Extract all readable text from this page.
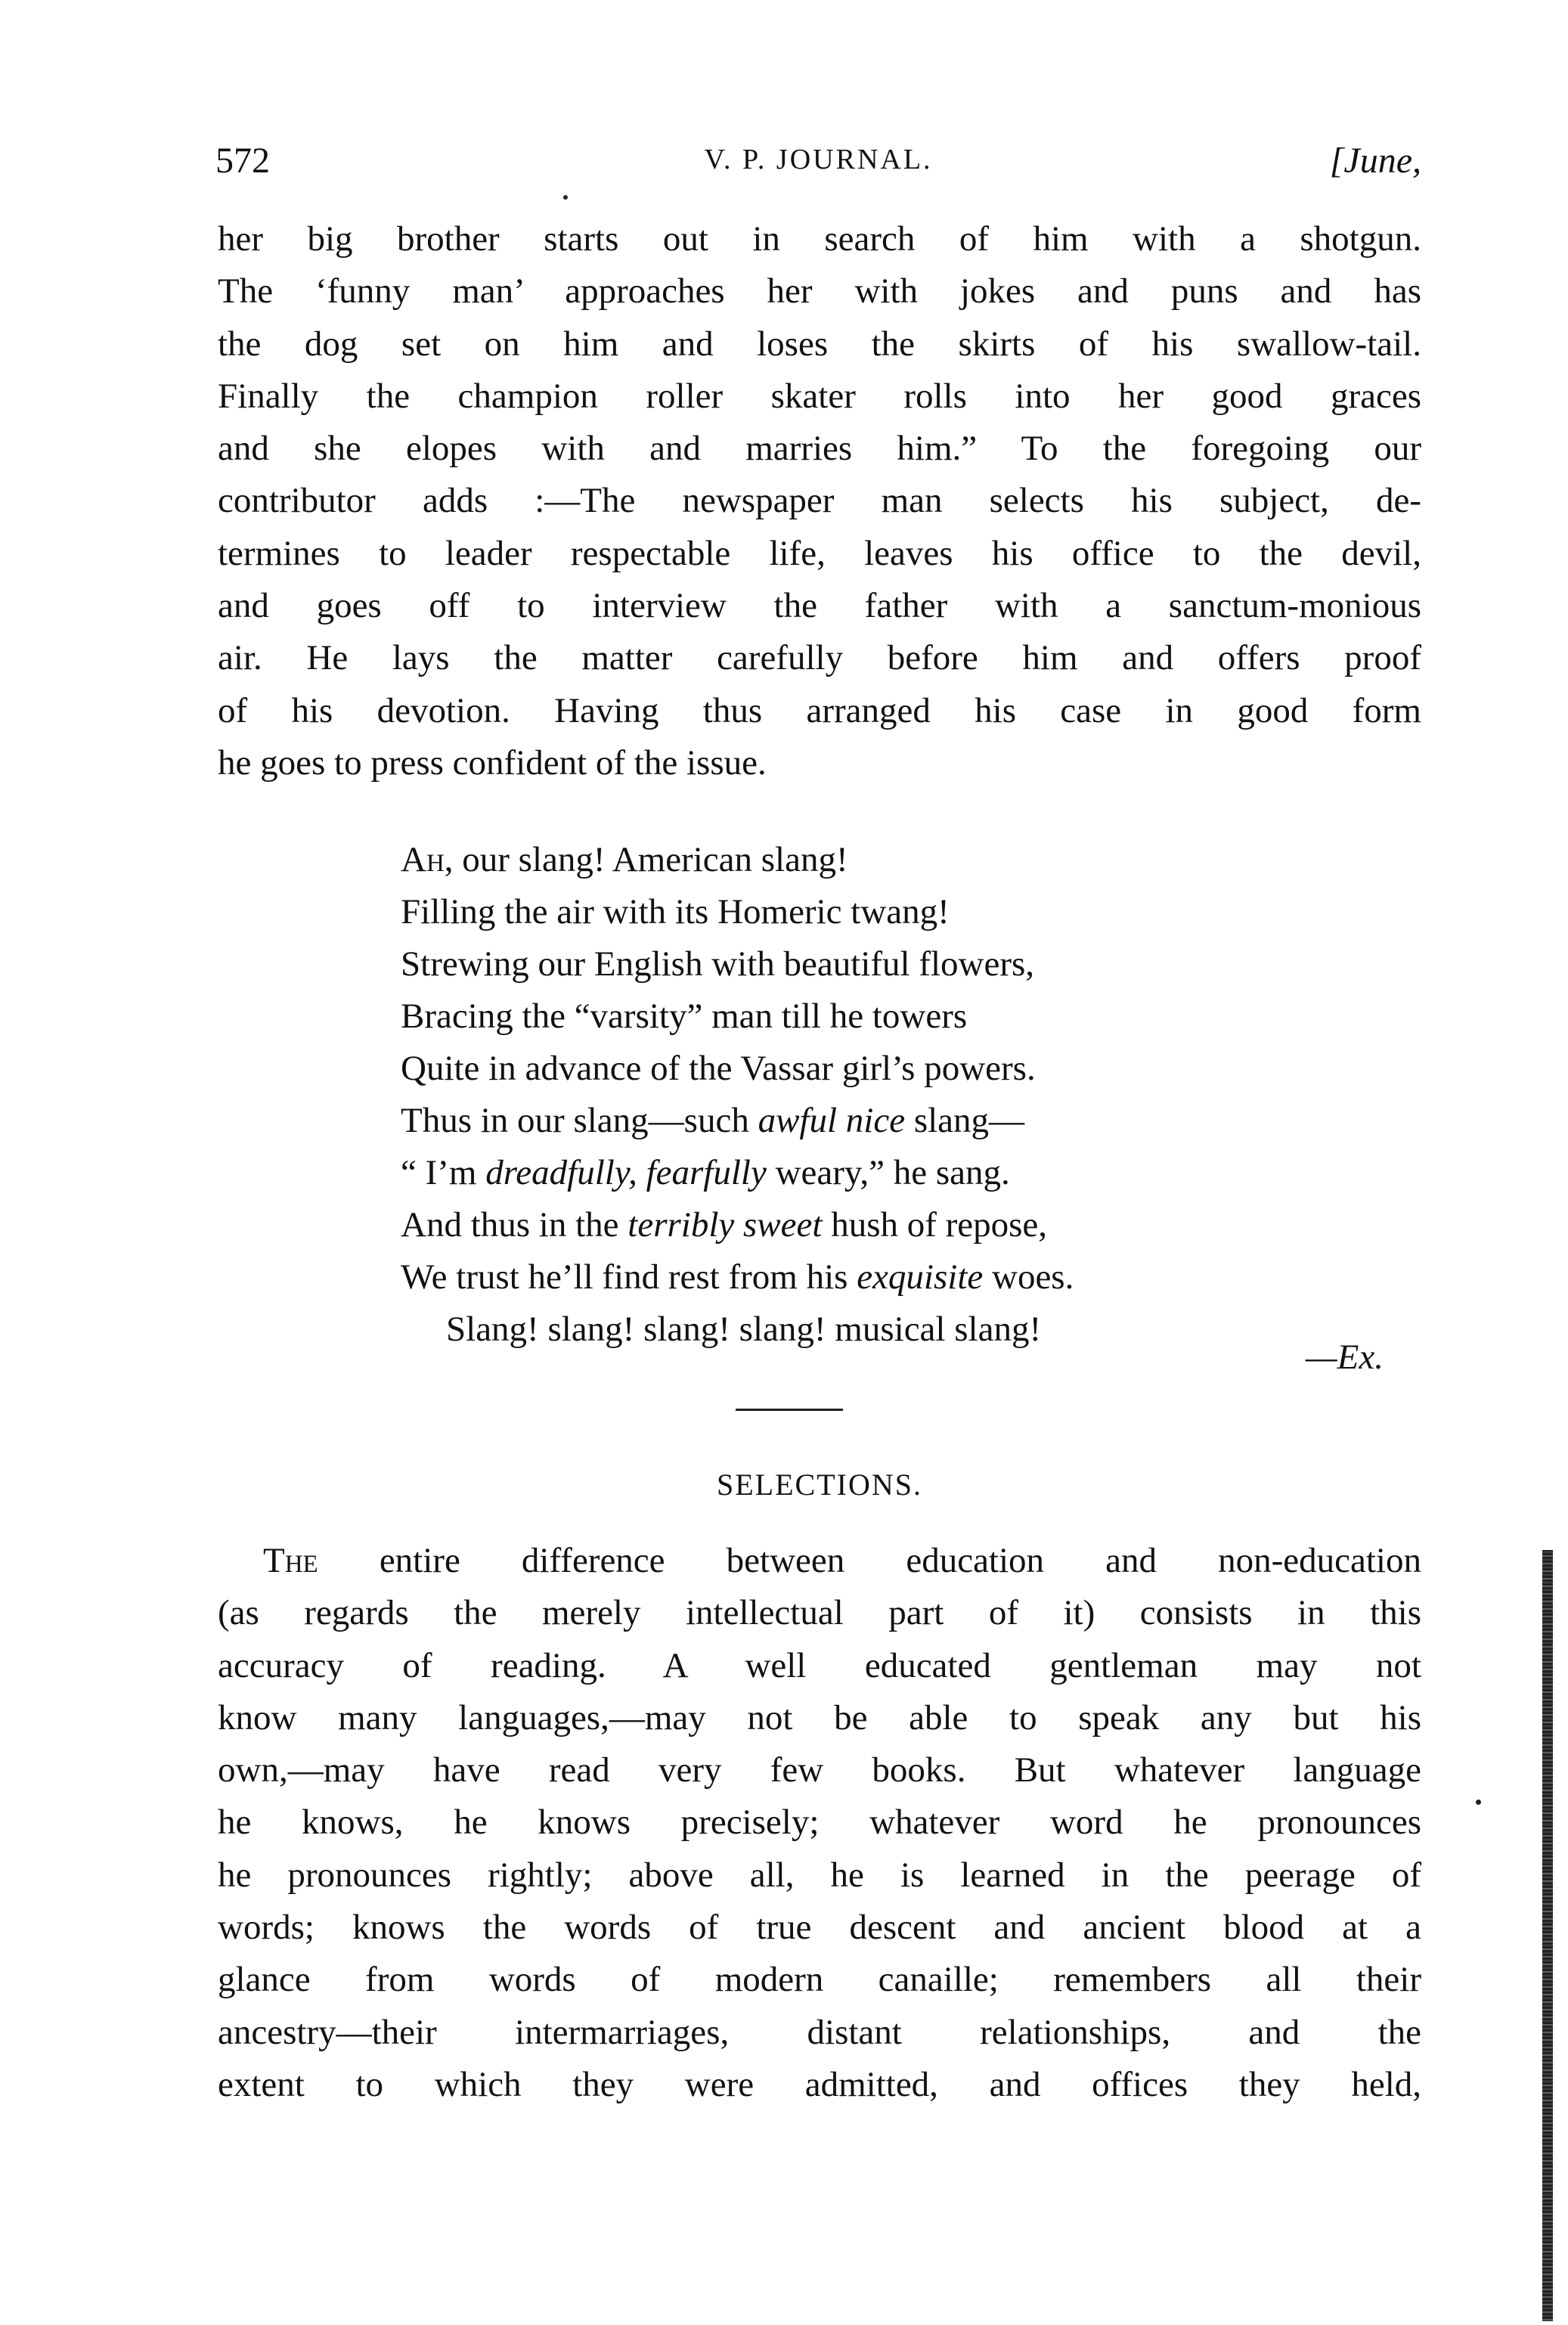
572	V. P. JOURNAL.	[June,
her big brother starts out in search of him with a shotgun.
The ‘funny man’ approaches her with jokes and puns and has
the dog set on him and loses the skirts of his swallow-tail.
Finally the champion roller skater rolls into her good graces
and she elopes with and marries him.” To the foregoing our
contributor adds :—The newspaper man selects his subject, de-
termines to leader respectable life, leaves his office to the devil,
and goes off to interview the father with a sanctum-monious
air. He lays the matter carefully before him and offers proof
of his devotion. Having thus arranged his case in good form
he goes to press confident of the issue.
Ah, our slang! American slang!
Filling the air with its Homeric twang!
Strewing our English with beautiful flowers,
Bracing the “varsity” man till he towers
Quite in advance of the Vassar girl’s powers.
Thus in our slang—such awful nice slang—
“ I’m dreadfully, fearfully weary,” he sang.
And thus in the terribly sweet hush of repose,
We trust he’ll find rest from his exquisite woes.
Slang! slang! slang! slang! musical slang!
—Ex.
SELECTIONS.
The entire difference between education and non-education
(as regards the merely intellectual part of it) consists in this
accuracy of reading. A well educated gentleman may not
know many languages,—may not be able to speak any but his
own,—may have read very few books. But whatever language
he knows, he knows precisely; whatever word he pronounces
he pronounces rightly; above all, he is learned in the peerage of
words; knows the words of true descent and ancient blood at a
glance from words of modern canaille; remembers all their
ancestry—their intermarriages, distant relationships, and the
extent to which they were admitted, and offices they held,
